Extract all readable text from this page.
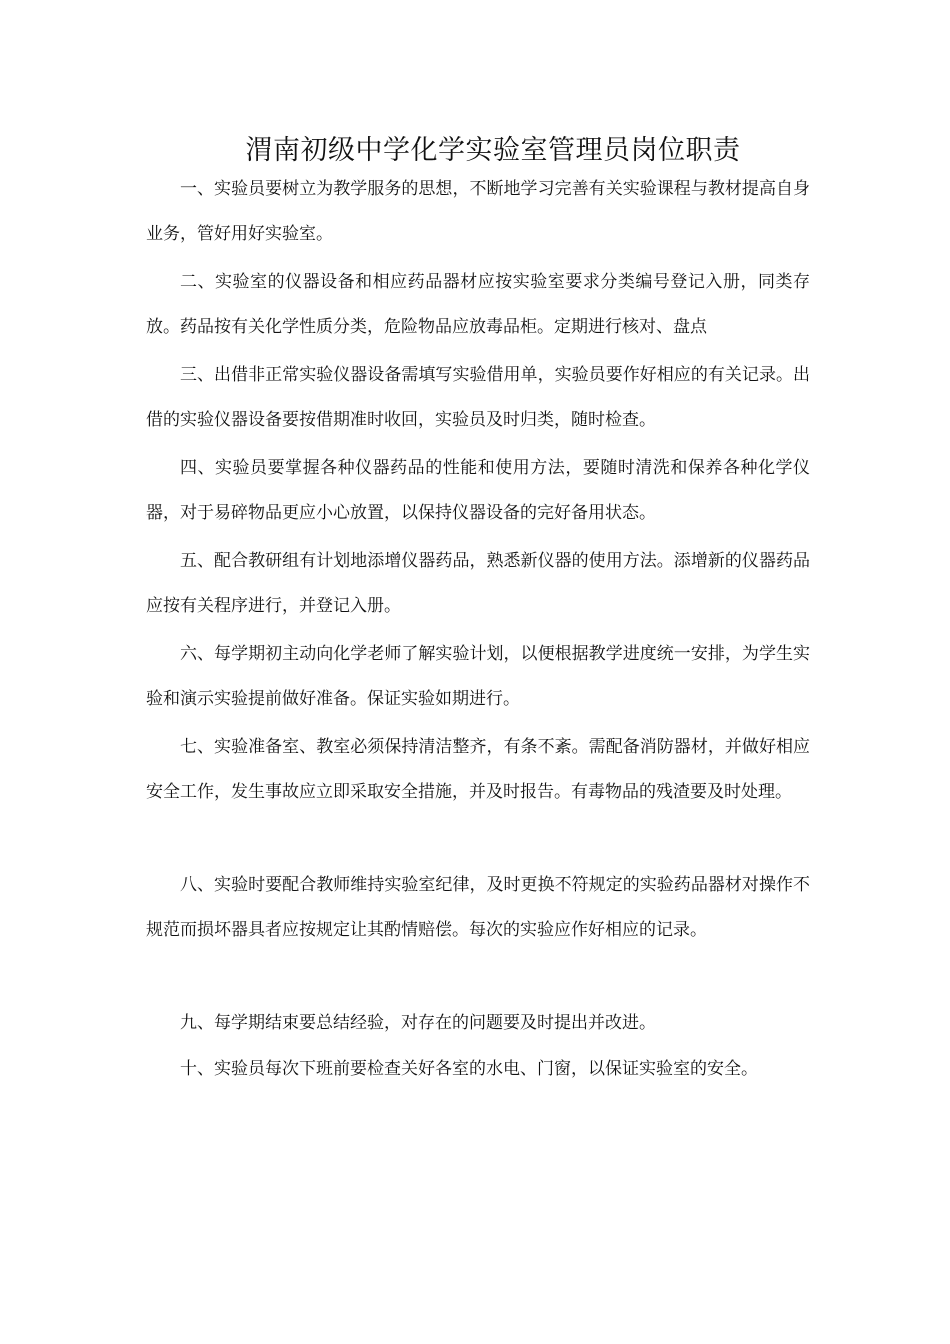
渭南初级中学化学实验室管理员岗位职责

一、实验员要树立为教学服务的思想，不断地学习完善有关实验课程与教材提高自身业务，管好用好实验室。

二、实验室的仪器设备和相应药品器材应按实验室要求分类编号登记入册，同类存放。药品按有关化学性质分类，危险物品应放毒品柜。定期进行核对、盘点

三、出借非正常实验仪器设备需填写实验借用单，实验员要作好相应的有关记录。出借的实验仪器设备要按借期准时收回，实验员及时归类，随时检查。

四、实验员要掌握各种仪器药品的性能和使用方法，要随时清洗和保养各种化学仪器，对于易碎物品更应小心放置，以保持仪器设备的完好备用状态。

五、配合教研组有计划地添增仪器药品，熟悉新仪器的使用方法。添增新的仪器药品应按有关程序进行，并登记入册。

六、每学期初主动向化学老师了解实验计划，以便根据教学进度统一安排，为学生实验和演示实验提前做好准备。保证实验如期进行。

七、实验准备室、教室必须保持清洁整齐，有条不紊。需配备消防器材，并做好相应安全工作，发生事故应立即采取安全措施，并及时报告。有毒物品的残渣要及时处理。

八、实验时要配合教师维持实验室纪律，及时更换不符规定的实验药品器材对操作不规范而损坏器具者应按规定让其酌情赔偿。每次的实验应作好相应的记录。

九、每学期结束要总结经验，对存在的问题要及时提出并改进。

十、实验员每次下班前要检查关好各室的水电、门窗，以保证实验室的安全。
